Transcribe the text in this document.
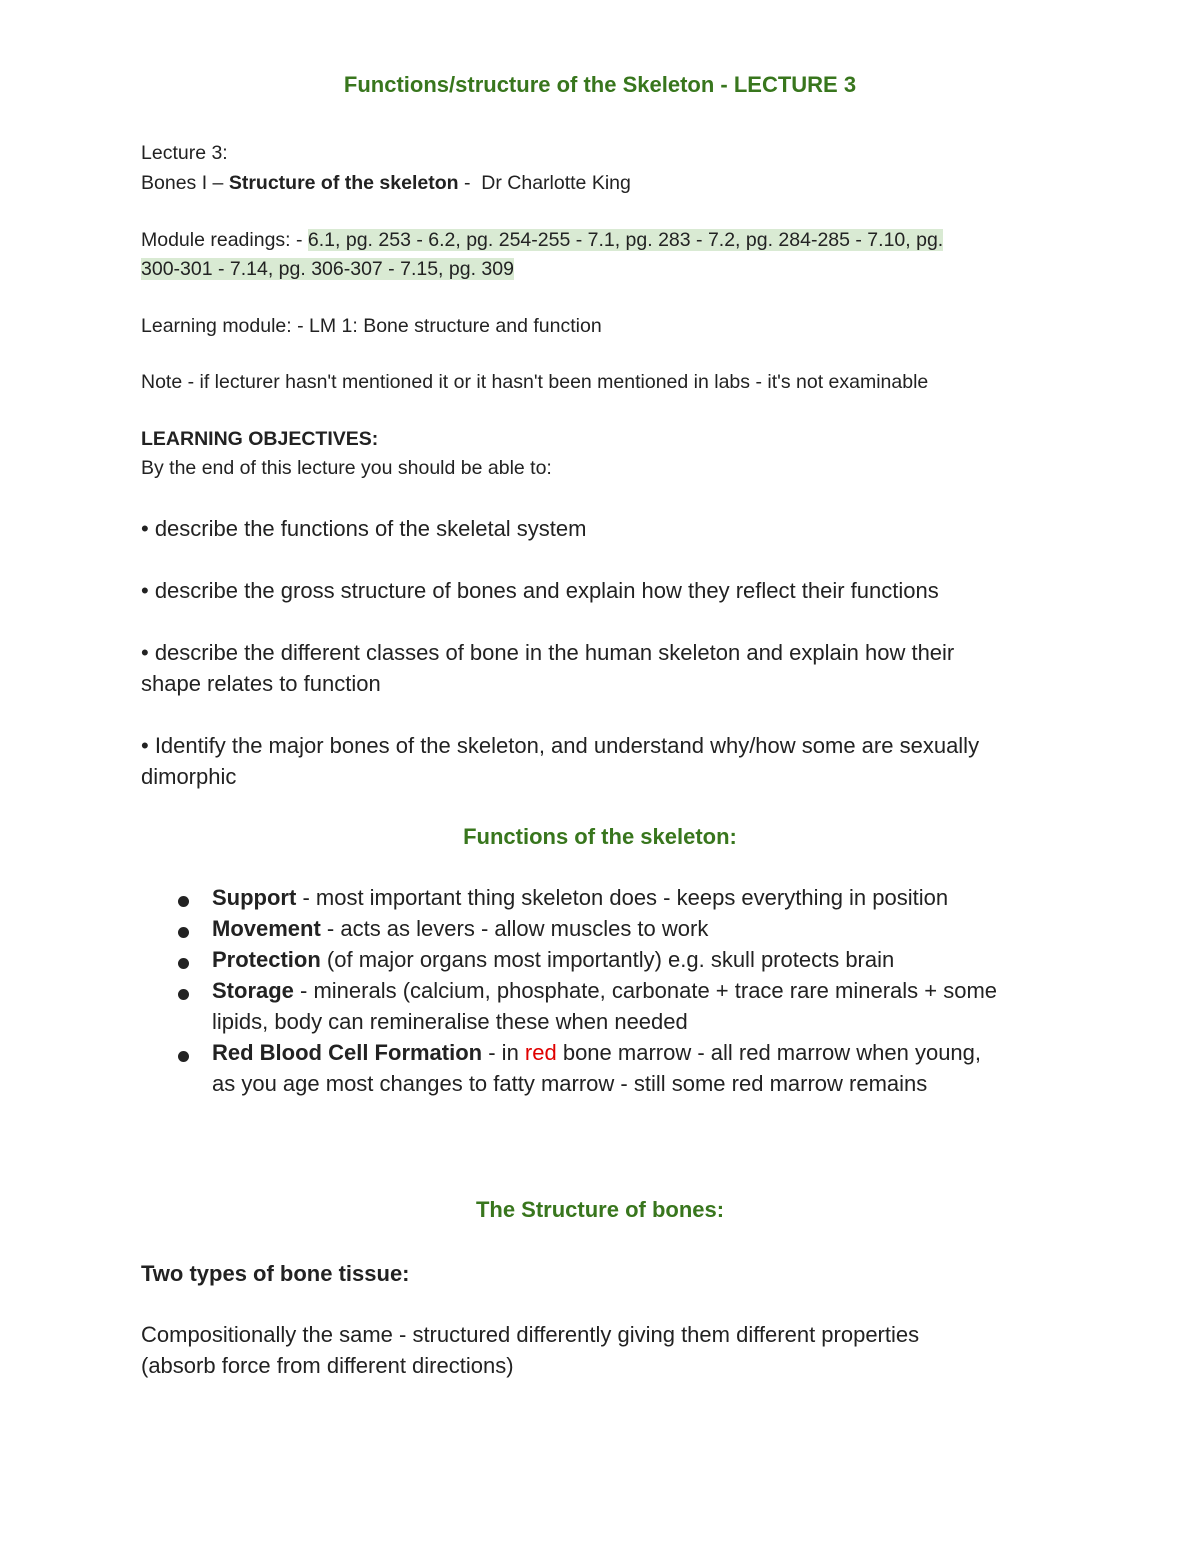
Functions/structure of the Skeleton - LECTURE 3
Lecture 3:
Bones I – Structure of the skeleton -  Dr Charlotte King
Module readings: - 6.1, pg. 253 - 6.2, pg. 254-255 - 7.1, pg. 283 - 7.2, pg. 284-285 - 7.10, pg.
300-301 - 7.14, pg. 306-307 - 7.15, pg. 309
Learning module: - LM 1: Bone structure and function
Note - if lecturer hasn't mentioned it or it hasn't been mentioned in labs - it's not examinable
LEARNING OBJECTIVES:
By the end of this lecture you should be able to:
• describe the functions of the skeletal system
• describe the gross structure of bones and explain how they reflect their functions
• describe the different classes of bone in the human skeleton and explain how their
shape relates to function
• Identify the major bones of the skeleton, and understand why/how some are sexually
dimorphic
Functions of the skeleton:
Support - most important thing skeleton does - keeps everything in position
Movement - acts as levers - allow muscles to work
Protection (of major organs most importantly) e.g. skull protects brain
Storage - minerals (calcium, phosphate, carbonate + trace rare minerals + some
lipids, body can remineralise these when needed
Red Blood Cell Formation - in red bone marrow - all red marrow when young,
as you age most changes to fatty marrow - still some red marrow remains
The Structure of bones:
Two types of bone tissue:
Compositionally the same - structured differently giving them different properties
(absorb force from different directions)
